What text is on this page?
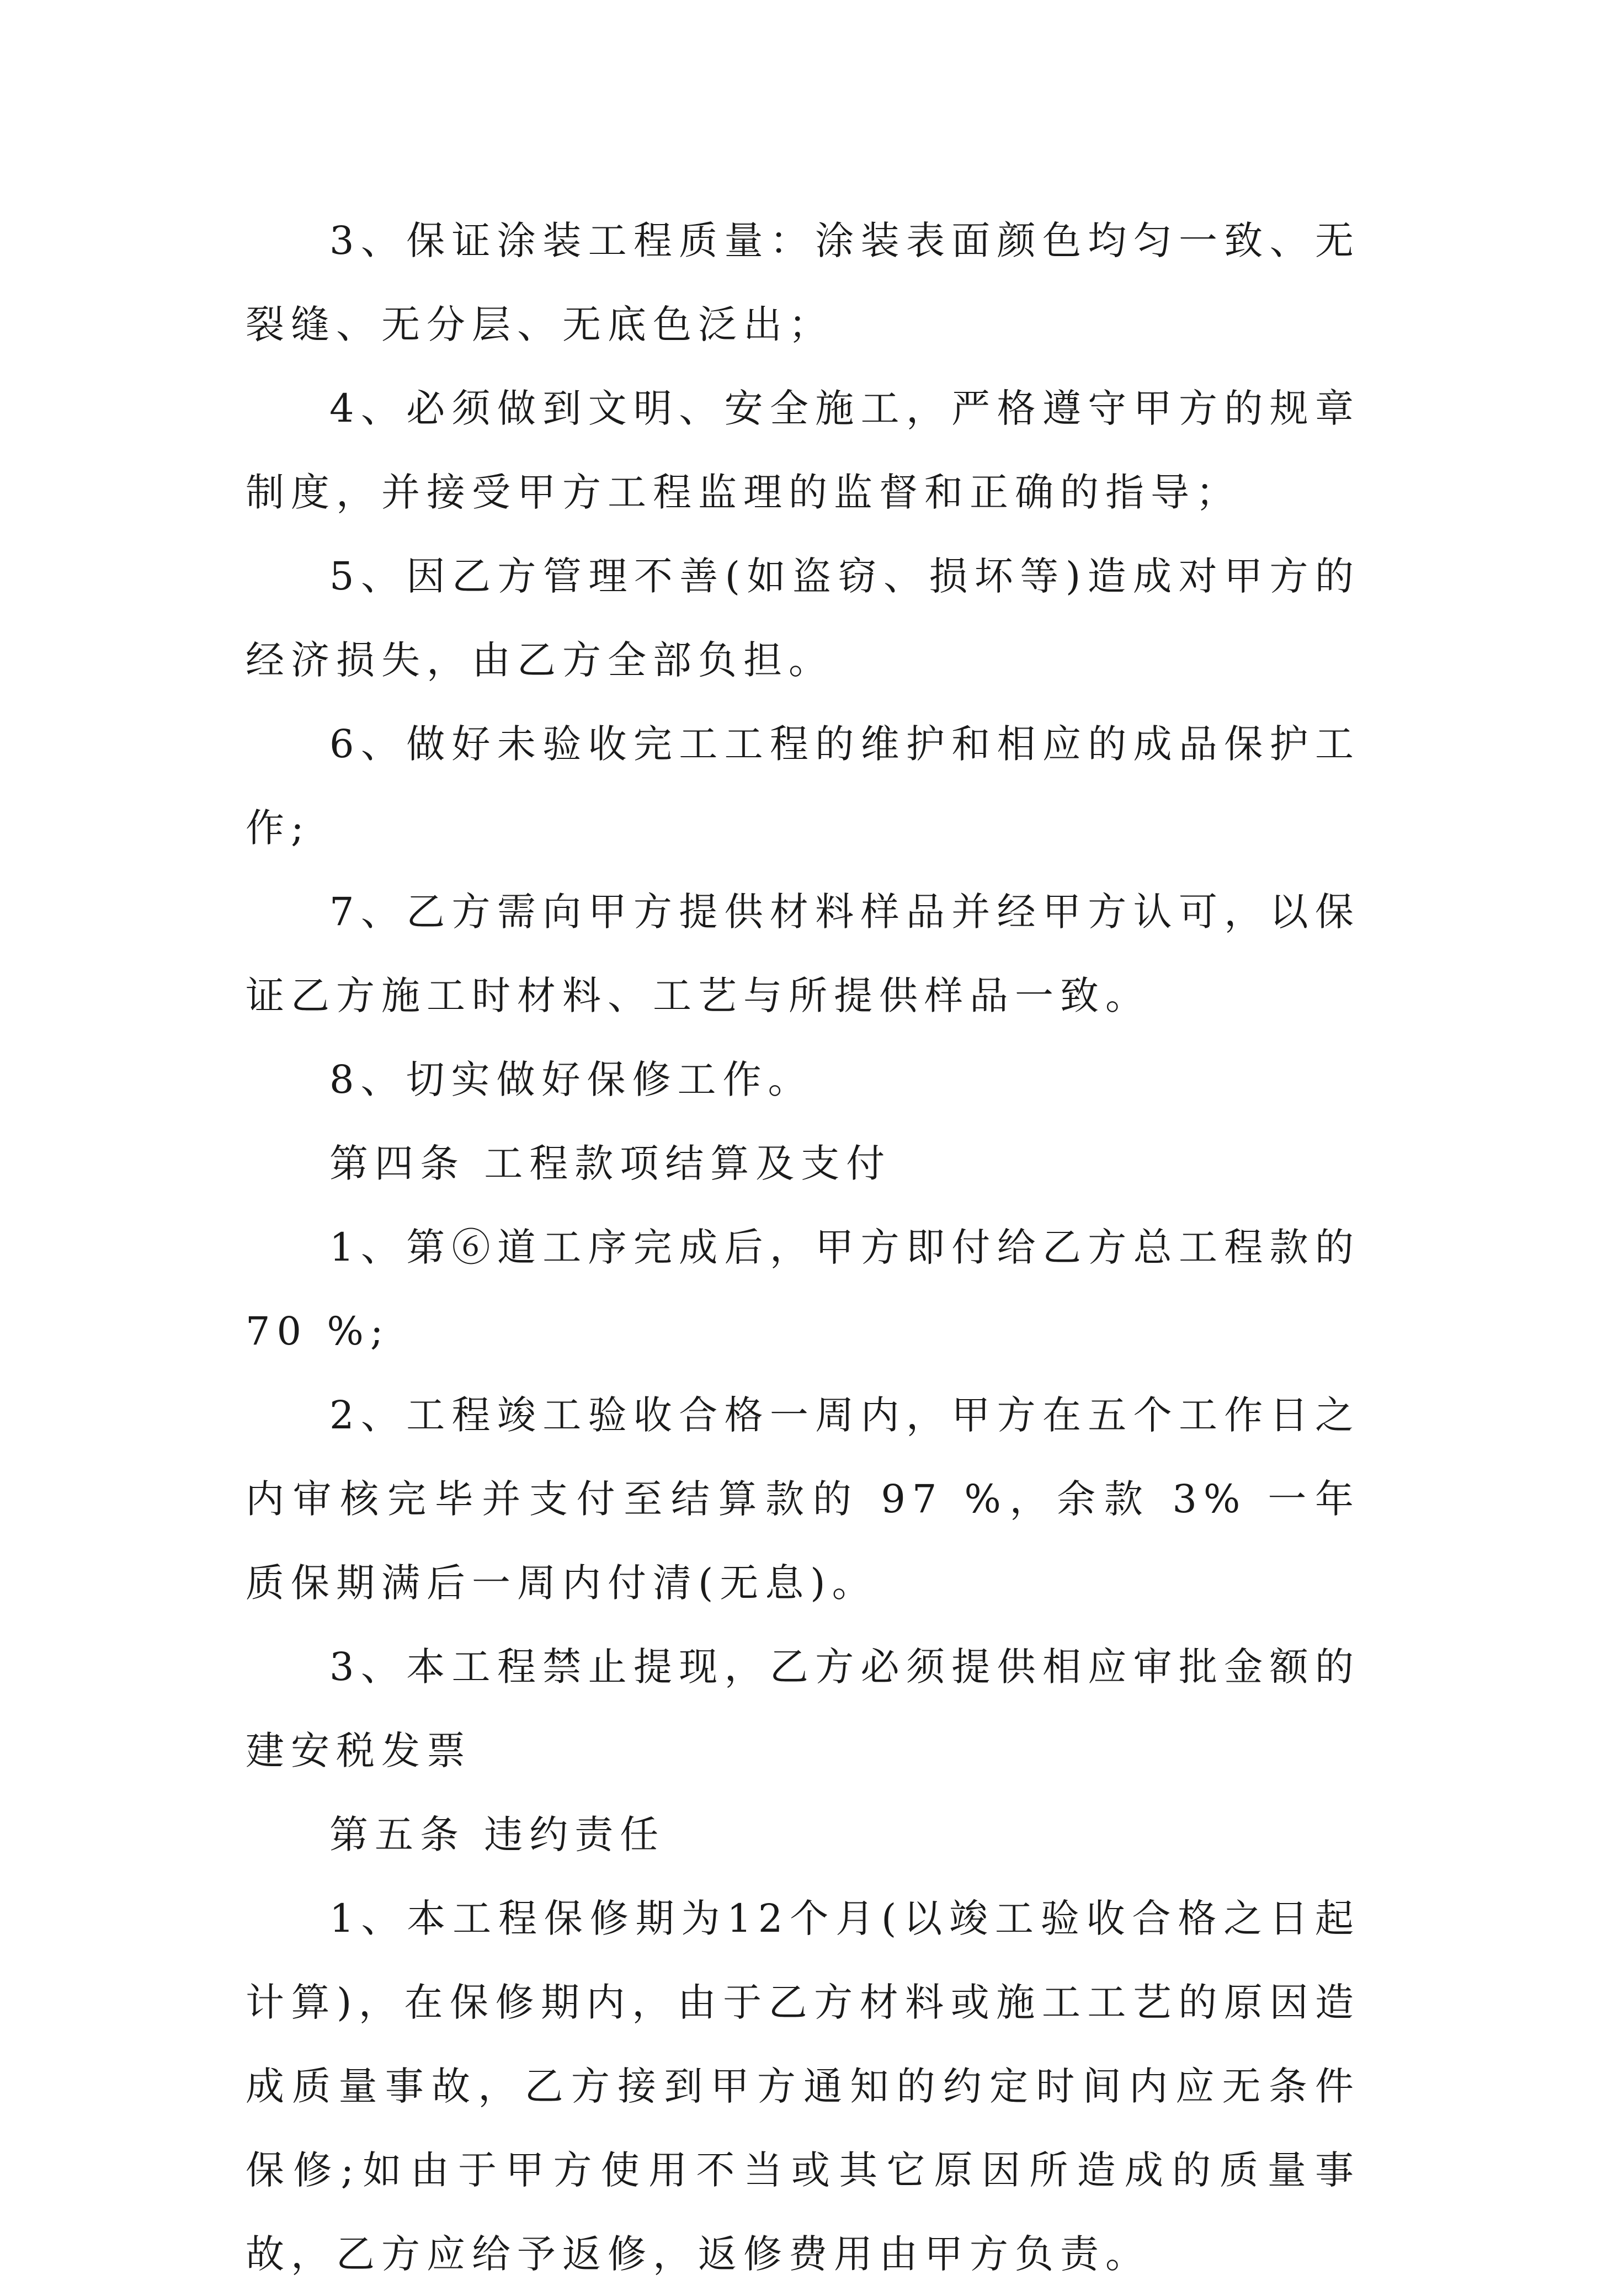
3、保证涂装工程质量：涂装表面颜色均匀一致、无裂缝、无分层、无底色泛出；

4、必须做到文明、安全施工，严格遵守甲方的规章制度，并接受甲方工程监理的监督和正确的指导；

5、因乙方管理不善(如盗窃、损坏等)造成对甲方的经济损失，由乙方全部负担。

6、做好未验收完工工程的维护和相应的成品保护工作;

7、乙方需向甲方提供材料样品并经甲方认可，以保证乙方施工时材料、工艺与所提供样品一致。

8、切实做好保修工作。

第四条 工程款项结算及支付

1、第⑥道工序完成后，甲方即付给乙方总工程款的70 %;

2、工程竣工验收合格一周内，甲方在五个工作日之内审核完毕并支付至结算款的 97 %，余款 3% 一年质保期满后一周内付清(无息)。

3、本工程禁止提现，乙方必须提供相应审批金额的建安税发票

第五条 违约责任

1、本工程保修期为12个月(以竣工验收合格之日起计算)，在保修期内，由于乙方材料或施工工艺的原因造成质量事故，乙方接到甲方通知的约定时间内应无条件保修;如由于甲方使用不当或其它原因所造成的质量事故，乙方应给予返修，返修费用由甲方负责。
